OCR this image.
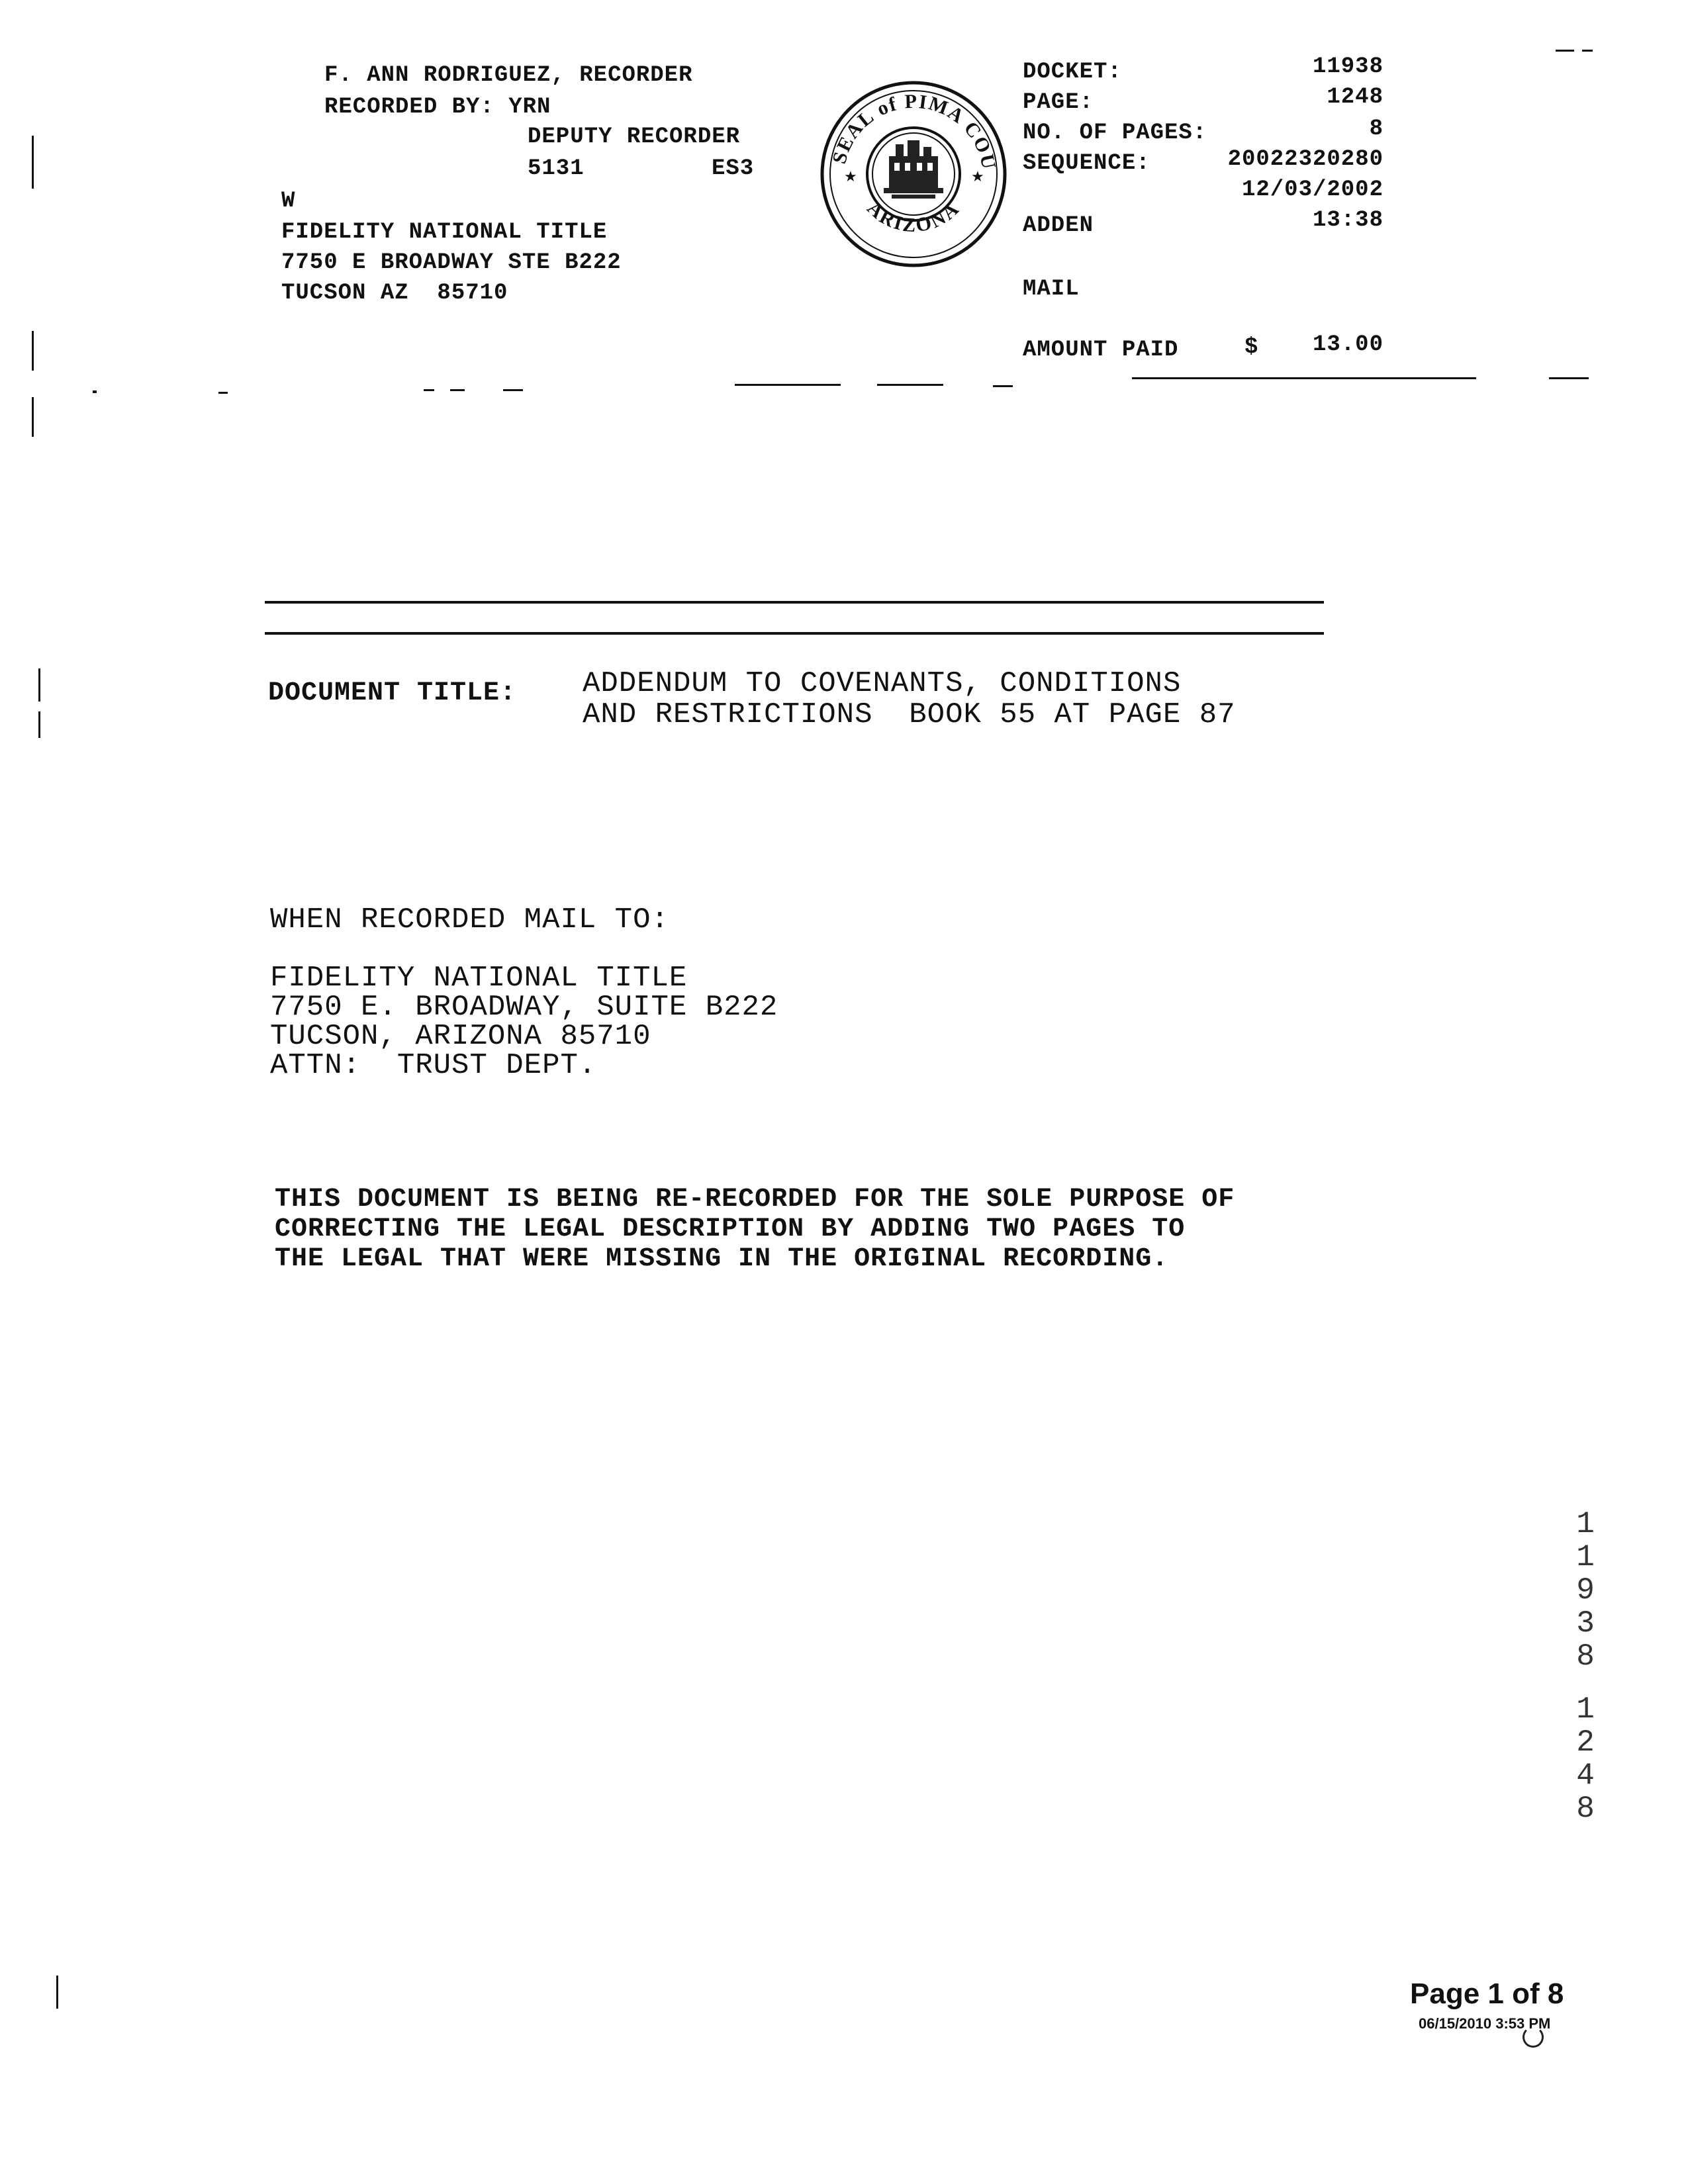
F. ANN RODRIGUEZ, RECORDER
RECORDED BY: YRN
DEPUTY RECORDER
5131	ES3
W
FIDELITY NATIONAL TITLE
7750 E BROADWAY STE B222
TUCSON AZ  85710
SEAL of PIMA COU
ARIZONA
★	★
DOCKET:	11938
PAGE:	1248
NO. OF PAGES:	8
SEQUENCE:	20022320280
12/03/2002
ADDEN	13:38
MAIL
AMOUNT PAID	$	13.00
DOCUMENT TITLE: ADDENDUM TO COVENANTS, CONDITIONS
AND RESTRICTIONS  BOOK 55 AT PAGE 87
WHEN RECORDED MAIL TO:
FIDELITY NATIONAL TITLE
7750 E. BROADWAY, SUITE B222
TUCSON, ARIZONA 85710
ATTN:  TRUST DEPT.
THIS DOCUMENT IS BEING RE-RECORDED FOR THE SOLE PURPOSE OF
CORRECTING THE LEGAL DESCRIPTION BY ADDING TWO PAGES TO
THE LEGAL THAT WERE MISSING IN THE ORIGINAL RECORDING.
1
1
9
3
8
1
2
4
8
Page 1 of 8
06/15/2010 3:53 PM
